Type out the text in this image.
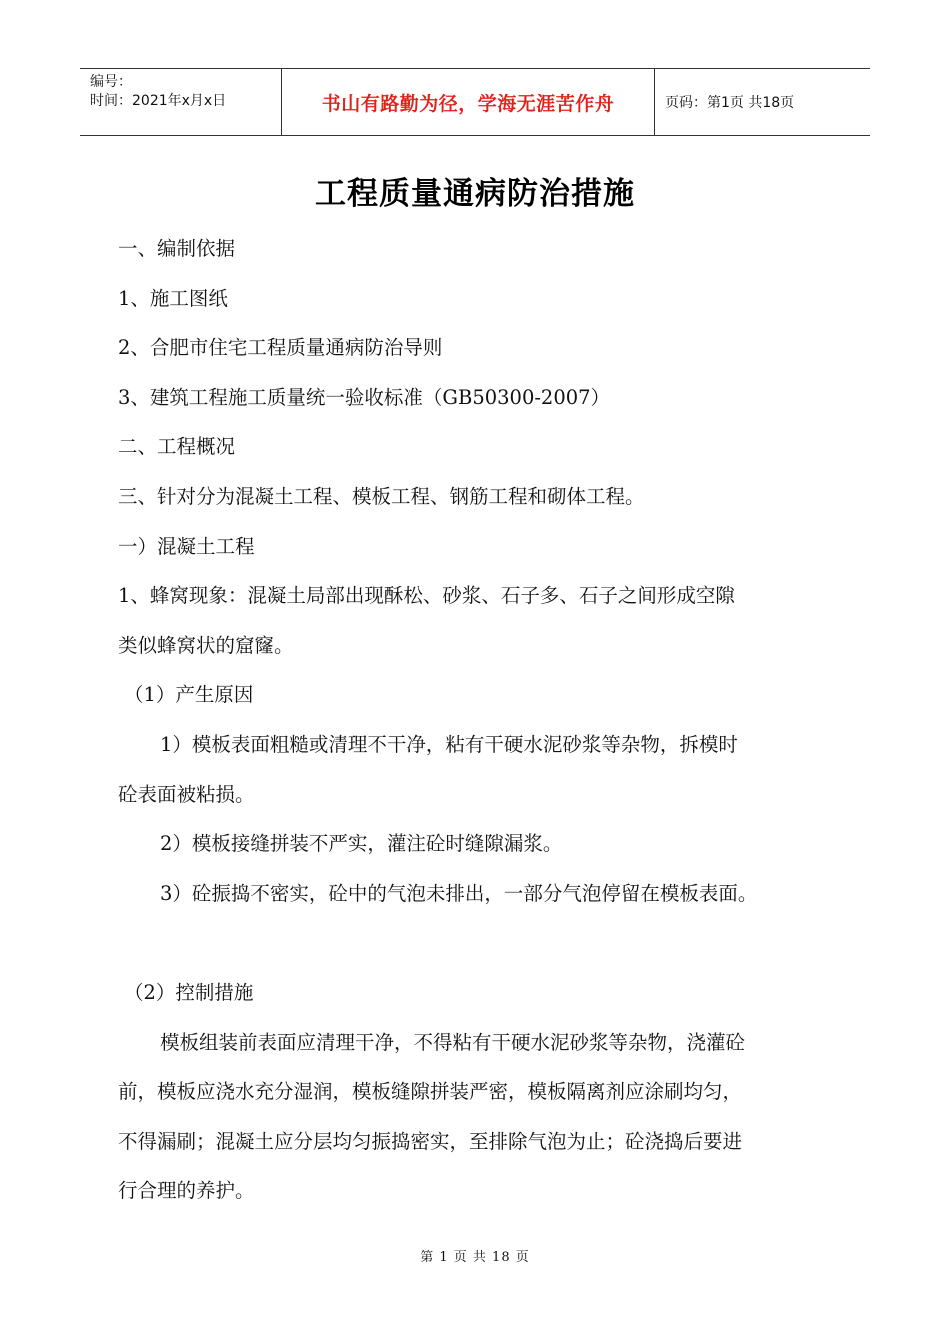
编号：
时间：2021年x月x日	书山有路勤为径，学海无涯苦作舟	页码：第1页 共18页
工程质量通病防治措施

一、编制依据

1、施工图纸

2、合肥市住宅工程质量通病防治导则

3、建筑工程施工质量统一验收标准（GB50300-2007）

二、工程概况

三、针对分为混凝土工程、模板工程、钢筋工程和砌体工程。

一）混凝土工程

1、蜂窝现象：混凝土局部出现酥松、砂浆、石子多、石子之间形成空隙

类似蜂窝状的窟窿。

（1）产生原因

1）模板表面粗糙或清理不干净，粘有干硬水泥砂浆等杂物，拆模时

砼表面被粘损。

2）模板接缝拼装不严实，灌注砼时缝隙漏浆。

3）砼振捣不密实，砼中的气泡未排出，一部分气泡停留在模板表面。

（2）控制措施

模板组装前表面应清理干净，不得粘有干硬水泥砂浆等杂物，浇灌砼

前，模板应浇水充分湿润，模板缝隙拼装严密，模板隔离剂应涂刷均匀，

不得漏刷；混凝土应分层均匀振捣密实，至排除气泡为止；砼浇捣后要进

行合理的养护。

第 1 页 共 18 页
